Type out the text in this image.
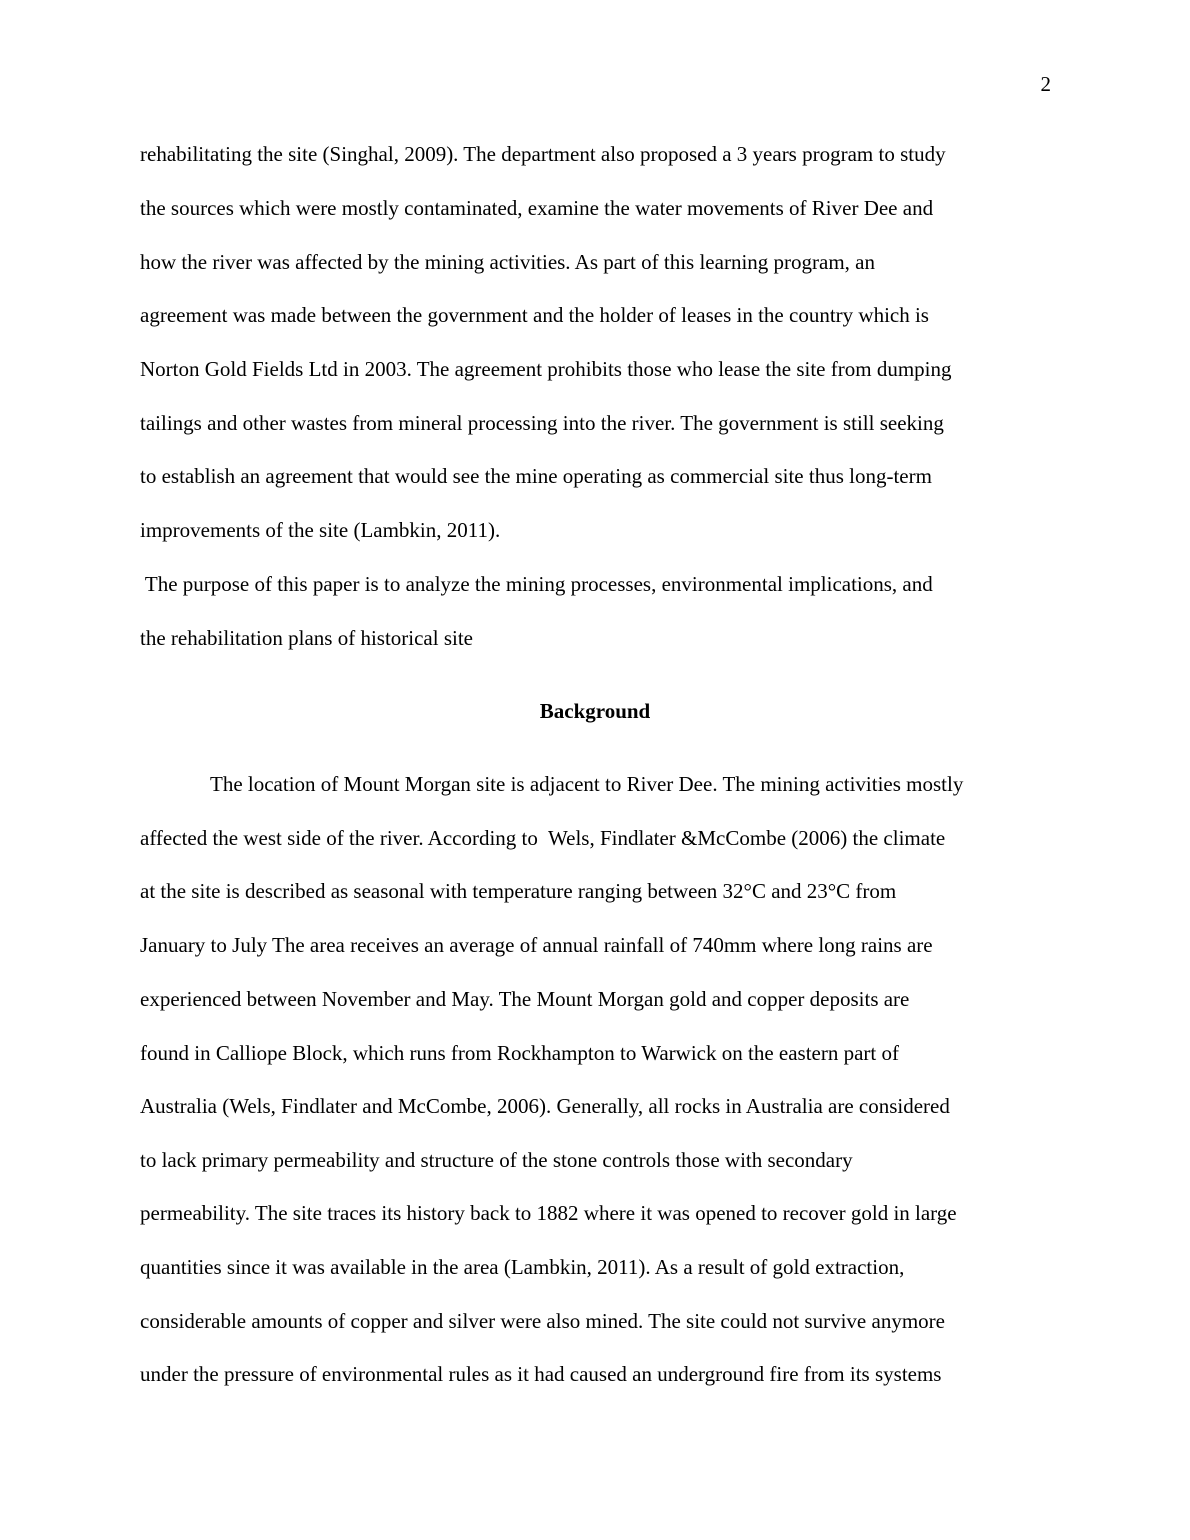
2
rehabilitating the site (Singhal, 2009). The department also proposed a 3 years program to study
the sources which were mostly contaminated, examine the water movements of River Dee and
how the river was affected by the mining activities. As part of this learning program, an
agreement was made between the government and the holder of leases in the country which is
Norton Gold Fields Ltd in 2003. The agreement prohibits those who lease the site from dumping
tailings and other wastes from mineral processing into the river. The government is still seeking
to establish an agreement that would see the mine operating as commercial site thus long-term
improvements of the site (Lambkin, 2011).
The purpose of this paper is to analyze the mining processes, environmental implications, and
the rehabilitation plans of historical site
Background
The location of Mount Morgan site is adjacent to River Dee. The mining activities mostly
affected the west side of the river. According to  Wels, Findlater &McCombe (2006) the climate
at the site is described as seasonal with temperature ranging between 32°C and 23°C from
January to July The area receives an average of annual rainfall of 740mm where long rains are
experienced between November and May. The Mount Morgan gold and copper deposits are
found in Calliope Block, which runs from Rockhampton to Warwick on the eastern part of
Australia (Wels, Findlater and McCombe, 2006). Generally, all rocks in Australia are considered
to lack primary permeability and structure of the stone controls those with secondary
permeability. The site traces its history back to 1882 where it was opened to recover gold in large
quantities since it was available in the area (Lambkin, 2011). As a result of gold extraction,
considerable amounts of copper and silver were also mined. The site could not survive anymore
under the pressure of environmental rules as it had caused an underground fire from its systems
